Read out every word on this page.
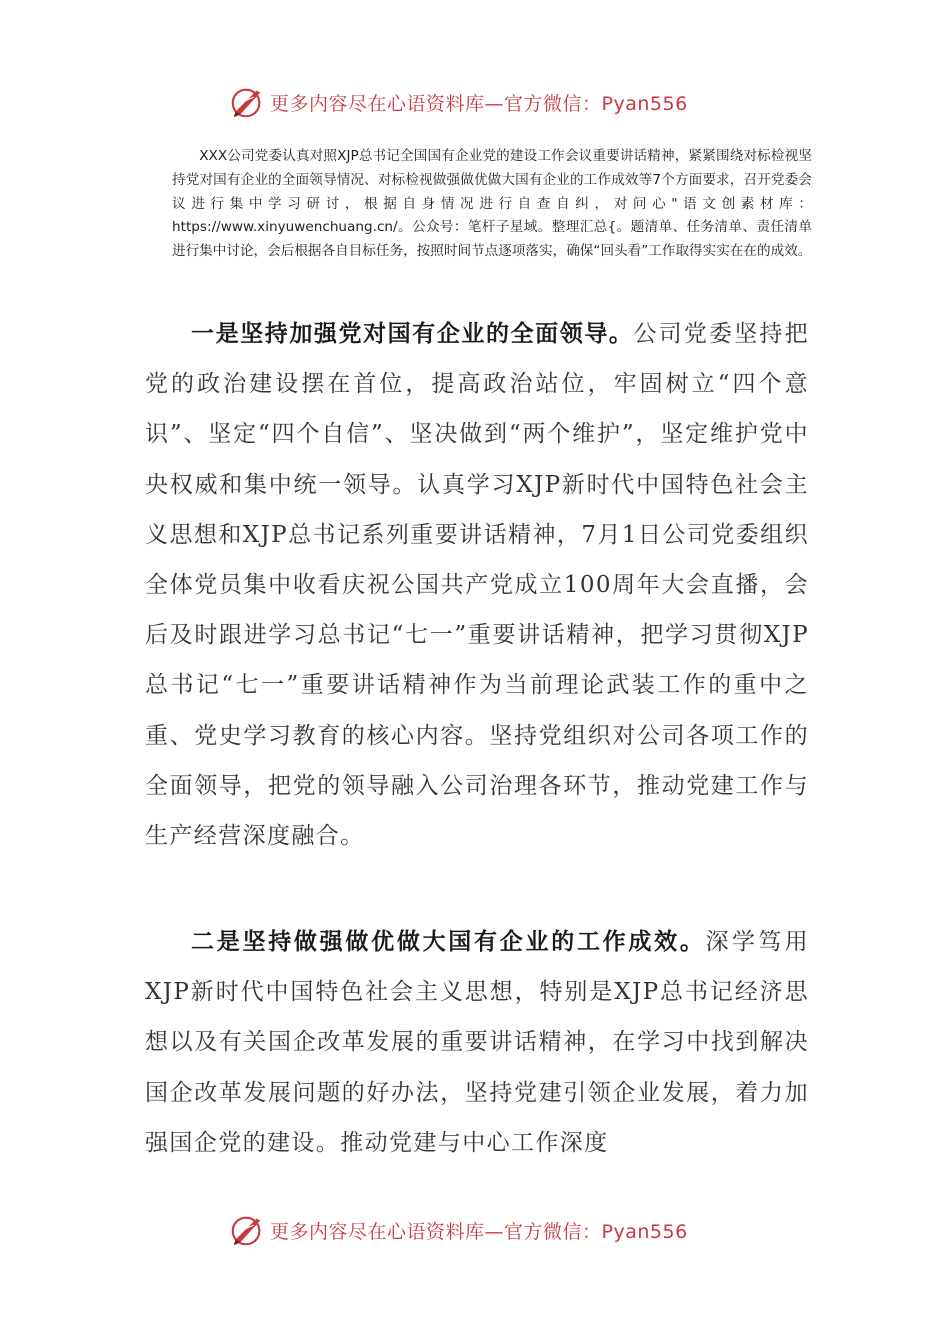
更多内容尽在心语资料库—官方微信：Pyan556

XXX公司党委认真对照XJP总书记全国国有企业党的建设工作会议重要讲话精神，紧紧围绕对标检视坚持党对国有企业的全面领导情况、对标检视做强做优做大国有企业的工作成效等7个方面要求，召开党委会议进行集中学习研讨，根据自身情况进行自查自纠，对问心"语文创素材库：https://www.xinyuwenchuang.cn/。公众号：笔杆子星域。整理汇总{。题清单、任务清单、责任清单进行集中讨论，会后根据各自目标任务，按照时间节点逐项落实，确保“回头看”工作取得实实在在的成效。

一是坚持加强党对国有企业的全面领导。公司党委坚持把党的政治建设摆在首位，提高政治站位，牢固树立“四个意识”、坚定“四个自信”、坚决做到“两个维护”，坚定维护党中央权威和集中统一领导。认真学习XJP新时代中国特色社会主义思想和XJP总书记系列重要讲话精神，7月1日公司党委组织全体党员集中收看庆祝公国共产党成立100周年大会直播，会后及时跟进学习总书记“七一”重要讲话精神，把学习贯彻XJP总书记“七一”重要讲话精神作为当前理论武装工作的重中之重、党史学习教育的核心内容。坚持党组织对公司各项工作的全面领导，把党的领导融入公司治理各环节，推动党建工作与生产经营深度融合。

二是坚持做强做优做大国有企业的工作成效。深学笃用XJP新时代中国特色社会主义思想，特别是XJP总书记经济思想以及有关国企改革发展的重要讲话精神，在学习中找到解决国企改革发展问题的好办法，坚持党建引领企业发展，着力加强国企党的建设。推动党建与中心工作深度

更多内容尽在心语资料库—官方微信：Pyan556
